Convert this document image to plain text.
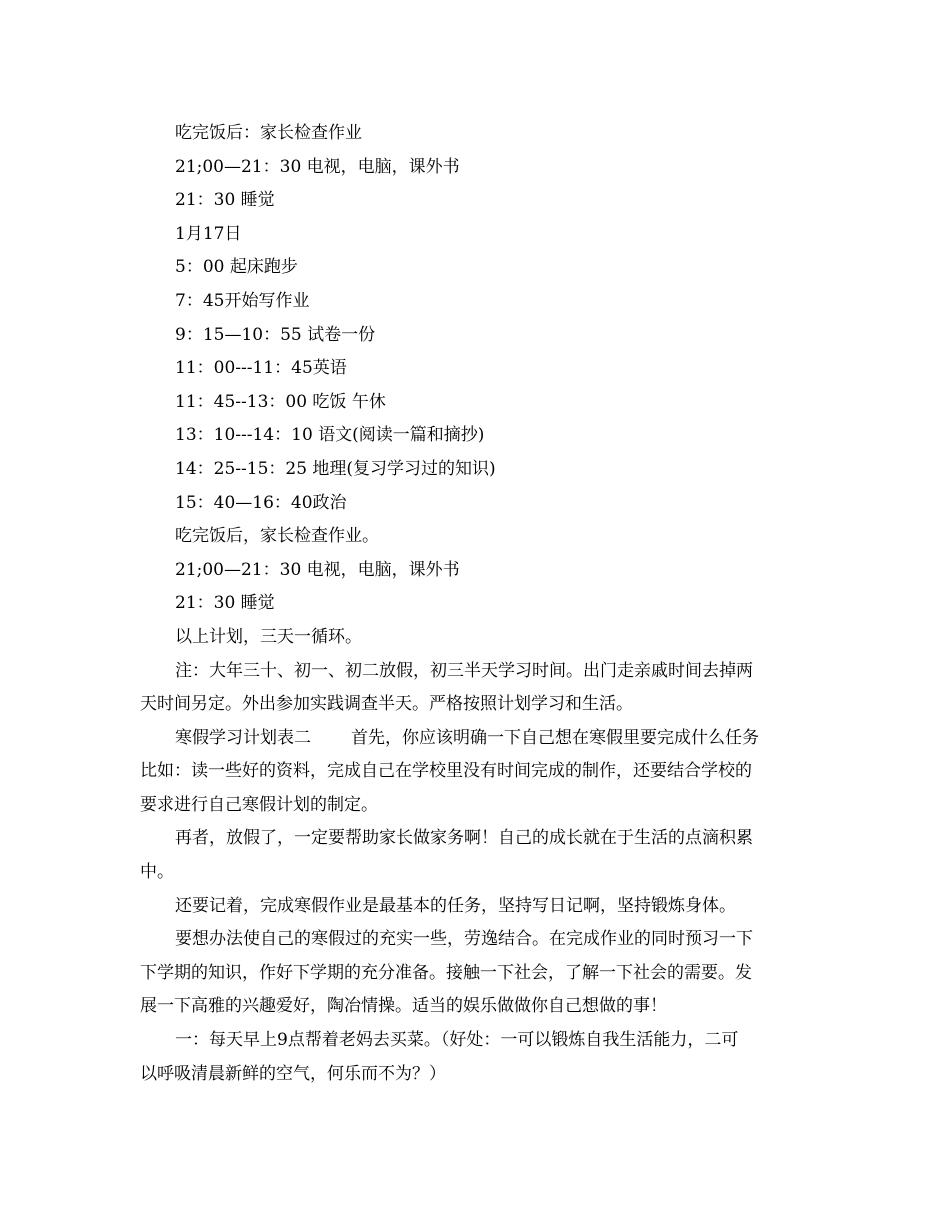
吃完饭后：家长检查作业
21;00—21：30 电视，电脑，课外书
21：30 睡觉
1月17日
5：00 起床跑步
7：45开始写作业
9：15—10：55 试卷一份
11：00---11：45英语
11：45--13：00 吃饭 午休
13：10---14：10 语文(阅读一篇和摘抄)
14：25--15：25 地理(复习学习过的知识)
15：40—16：40政治
吃完饭后，家长检查作业。
21;00—21：30 电视，电脑，课外书
21：30 睡觉
以上计划，三天一循环。
注：大年三十、初一、初二放假，初三半天学习时间。出门走亲戚时间去掉两
天时间另定。外出参加实践调查半天。严格按照计划学习和生活。
寒假学习计划表二 首先，你应该明确一下自己想在寒假里要完成什么任务
比如：读一些好的资料，完成自己在学校里没有时间完成的制作，还要结合学校的
要求进行自己寒假计划的制定。
再者，放假了，一定要帮助家长做家务啊！自己的成长就在于生活的点滴积累
中。
还要记着，完成寒假作业是最基本的任务，坚持写日记啊，坚持锻炼身体。
要想办法使自己的寒假过的充实一些，劳逸结合。在完成作业的同时预习一下
下学期的知识，作好下学期的充分准备。接触一下社会，了解一下社会的需要。发
展一下高雅的兴趣爱好，陶冶情操。适当的娱乐做做你自己想做的事！
一：每天早上9点帮着老妈去买菜。（好处：一可以锻炼自我生活能力，二可
以呼吸清晨新鲜的空气，何乐而不为？）
